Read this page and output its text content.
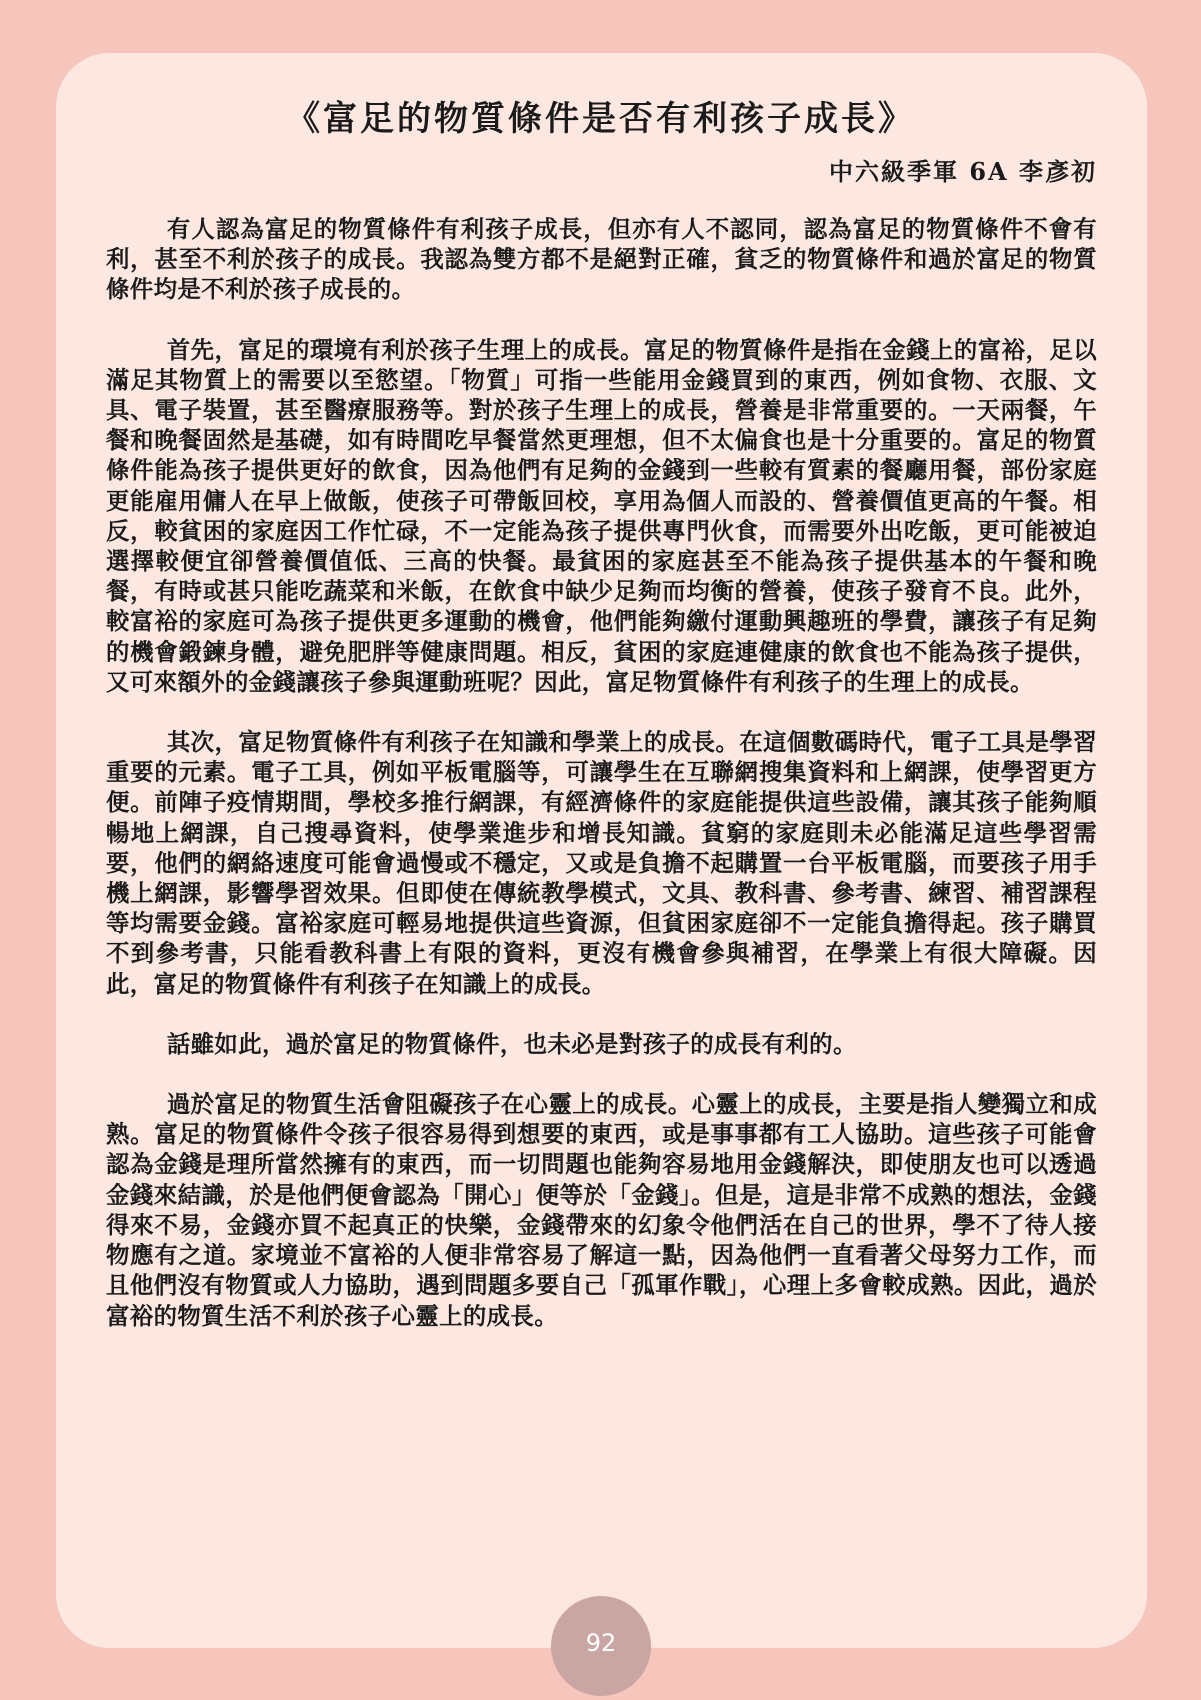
《富足的物質條件是否有利孩子成長》
中六級季軍 6A 李彥初

有人認為富足的物質條件有利孩子成長，但亦有人不認同，認為富足的物質條件不會有利，甚至不利於孩子的成長。我認為雙方都不是絕對正確，貧乏的物質條件和過於富足的物質條件均是不利於孩子成長的。

首先，富足的環境有利於孩子生理上的成長。富足的物質條件是指在金錢上的富裕，足以滿足其物質上的需要以至慾望。「物質」可指一些能用金錢買到的東西，例如食物、衣服、文具、電子裝置，甚至醫療服務等。對於孩子生理上的成長，營養是非常重要的。一天兩餐，午餐和晚餐固然是基礎，如有時間吃早餐當然更理想，但不太偏食也是十分重要的。富足的物質條件能為孩子提供更好的飲食，因為他們有足夠的金錢到一些較有質素的餐廳用餐，部份家庭更能雇用傭人在早上做飯，使孩子可帶飯回校，享用為個人而設的、營養價值更高的午餐。相反，較貧困的家庭因工作忙碌，不一定能為孩子提供專門伙食，而需要外出吃飯，更可能被迫選擇較便宜卻營養價值低、三高的快餐。最貧困的家庭甚至不能為孩子提供基本的午餐和晚餐，有時或甚只能吃蔬菜和米飯，在飲食中缺少足夠而均衡的營養，使孩子發育不良。此外，較富裕的家庭可為孩子提供更多運動的機會，他們能夠繳付運動興趣班的學費，讓孩子有足夠的機會鍛鍊身體，避免肥胖等健康問題。相反，貧困的家庭連健康的飲食也不能為孩子提供，又可來額外的金錢讓孩子參與運動班呢？因此，富足物質條件有利孩子的生理上的成長。

其次，富足物質條件有利孩子在知識和學業上的成長。在這個數碼時代，電子工具是學習重要的元素。電子工具，例如平板電腦等，可讓學生在互聯網搜集資料和上網課，使學習更方便。前陣子疫情期間，學校多推行網課，有經濟條件的家庭能提供這些設備，讓其孩子能夠順暢地上網課，自己搜尋資料，使學業進步和增長知識。貧窮的家庭則未必能滿足這些學習需要，他們的網絡速度可能會過慢或不穩定，又或是負擔不起購置一台平板電腦，而要孩子用手機上網課，影響學習效果。但即使在傳統教學模式，文具、教科書、參考書、練習、補習課程等均需要金錢。富裕家庭可輕易地提供這些資源，但貧困家庭卻不一定能負擔得起。孩子購買不到參考書，只能看教科書上有限的資料，更沒有機會參與補習，在學業上有很大障礙。因此，富足的物質條件有利孩子在知識上的成長。

話雖如此，過於富足的物質條件，也未必是對孩子的成長有利的。

過於富足的物質生活會阻礙孩子在心靈上的成長。心靈上的成長，主要是指人變獨立和成熟。富足的物質條件令孩子很容易得到想要的東西，或是事事都有工人協助。這些孩子可能會認為金錢是理所當然擁有的東西，而一切問題也能夠容易地用金錢解決，即使朋友也可以透過金錢來結識，於是他們便會認為「開心」便等於「金錢」。但是，這是非常不成熟的想法，金錢得來不易，金錢亦買不起真正的快樂，金錢帶來的幻象令他們活在自己的世界，學不了待人接物應有之道。家境並不富裕的人便非常容易了解這一點，因為他們一直看著父母努力工作，而且他們沒有物質或人力協助，遇到問題多要自己「孤軍作戰」，心理上多會較成熟。因此，過於富裕的物質生活不利於孩子心靈上的成長。

92
